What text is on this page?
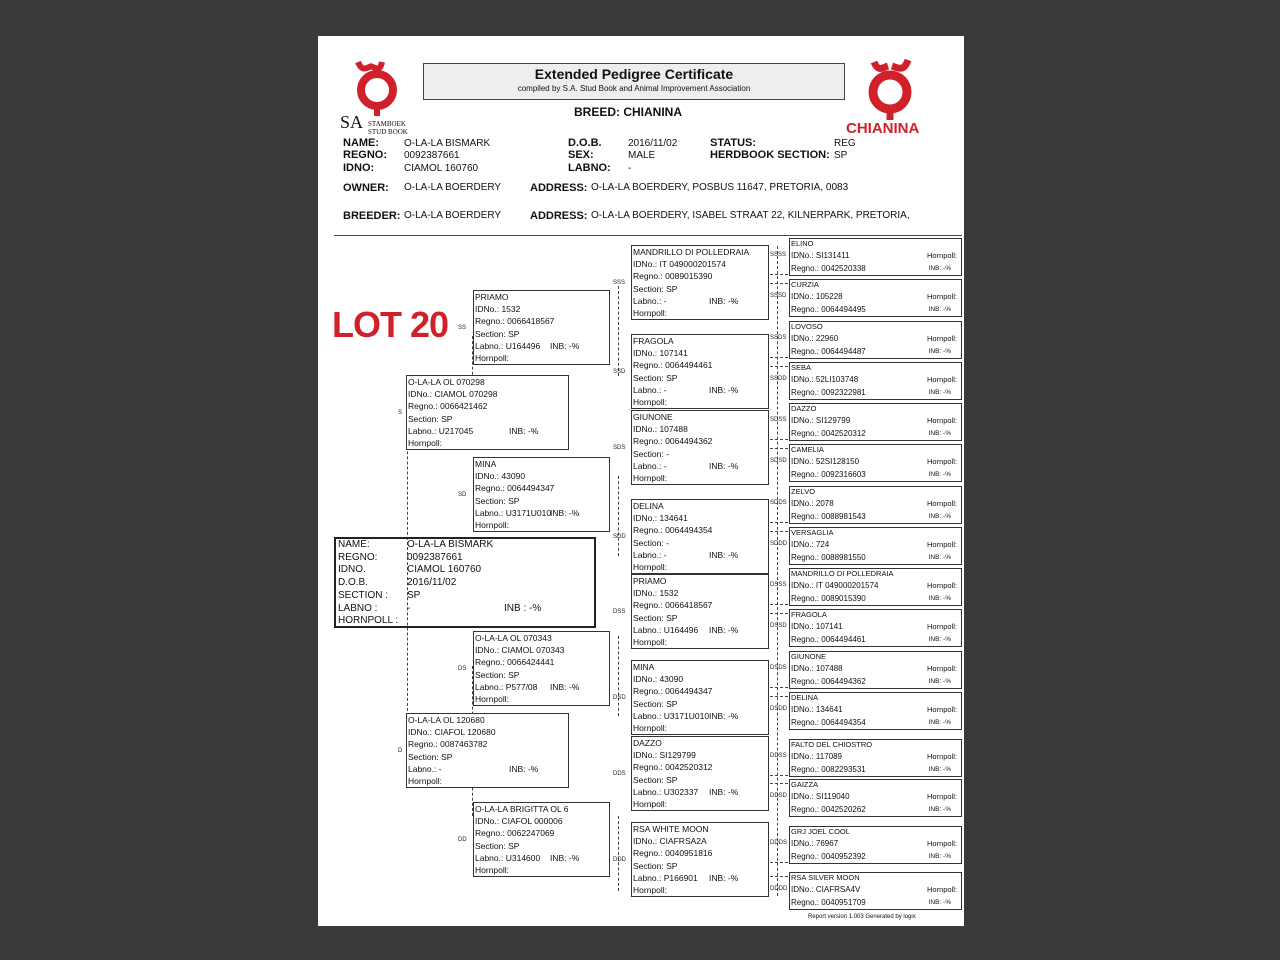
SA STAMBOEK
STUD BOOK	CHIANINA
Extended Pedigree Certificate
compiled by S.A. Stud Book and Animal Improvement Association
BREED: CHIANINA
NAME: O-LA-LA BISMARK
REGNO: 0092387661
IDNO:	CIAMOL 160760
D.O.B.	2016/11/02
SEX:	MALE
LABNO: -
STATUS:	REG
HERDBOOK SECTION: SP
OWNER: O-LA-LA BOERDERY	ADDRESS: O-LA-LA BOERDERY, POSBUS 11647, PRETORIA, 0083
BREEDER: O-LA-LA BOERDERY	ADDRESS: O-LA-LA BOERDERY, ISABEL STRAAT 22, KILNERPARK, PRETORIA,
LOT 20
O-LA-LA OL 070298
IDNo.: CIAMOL 070298
Regno.: 0066421462
Section: SP
Labno.: U217045	INB: -%
Hornpoll:
S
O-LA-LA OL 120680
IDNo.: CIAFOL 120680
Regno.: 0087463782
Section: SP
Labno.: -	INB: -%
Hornpoll:
D
PRIAMO
IDNo.: 1532
Regno.: 0066418567
Section: SP
Labno.: U164496 INB: -%
Hornpoll:
SS
MINA
IDNo.: 43090
Regno.: 0064494347
Section: SP
Labno.: U3171U010
INB: -%
Hornpoll:
SD
O-LA-LA OL 070343
IDNo.: CIAMOL 070343
Regno.: 0066424441
Section: SP
Labno.: P577/08 INB: -%
Hornpoll:
DS
O-LA-LA BRIGITTA OL 6
IDNo.: CIAFOL 000006
Regno.: 0062247069
Section: SP
Labno.: U314600 INB: -%
Hornpoll:
DD
MANDRILLO DI POLLEDRAIA
IDNo.: IT 049000201574
Regno.: 0089015390
Section: SP
Labno.: -	INB: -%
Hornpoll:
SSS
FRAGOLA
IDNo.: 107141
Regno.: 0064494461
Section: SP
Labno.: -	INB: -%
Hornpoll:
SSD
GIUNONE
IDNo.: 107488
Regno.: 0064494362
Section: -
Labno.: -	INB: -%
Hornpoll:
SDS
DELINA
IDNo.: 134641
Regno.: 0064494354
Section: -
Labno.: -	INB: -%
Hornpoll:
SDD
PRIAMO
IDNo.: 1532
Regno.: 0066418567
Section: SP
Labno.: U164496 INB: -%
Hornpoll:
DSS
MINA
IDNo.: 43090
Regno.: 0064494347
Section: SP
Labno.: U3171U010 INB: -%
Hornpoll:
DSD
DAZZO
IDNo.: SI129799
Regno.: 0042520312
Section: SP
Labno.: U302337 INB: -%
Hornpoll:
DDS
RSA WHITE MOON
IDNo.: CIAFRSA2A
Regno.: 0040951816
Section: SP
Labno.: P166901 INB: -%
Hornpoll:
DDD
ELINO
IDNo.: SI131411	Hornpoll:
Regno.: 0042520338	INB: -%
SSSS
CURZIA
IDNo.: 105228	Hornpoll:
Regno.: 0064494495	INB: -%
SSSD
LOVOSO
IDNo.: 22960	Hornpoll:
Regno.: 0064494487	INB: -%
SSDS
SEBA
IDNo.: 52LI103748	Hornpoll:
Regno.: 0092322981	INB: -%
SSDD
DAZZO
IDNo.: SI129799	Hornpoll:
Regno.: 0042520312	INB: -%
SDSS
CAMELIA
IDNo.: 52SI128150	Hornpoll:
Regno.: 0092316603	INB: -%
SDSD
ZELVO
IDNo.: 2078	Hornpoll:
Regno.: 0088981543	INB: -%
SDDS
VERSAGLIA
IDNo.: 724	Hornpoll:
Regno.: 0088981550	INB: -%
SDDD
MANDRILLO DI POLLEDRAIA
IDNo.: IT 049000201574	Hornpoll:
Regno.: 0089015390	INB: -%
DSSS
FRAGOLA
IDNo.: 107141	Hornpoll:
Regno.: 0064494461	INB: -%
DSSD
GIUNONE
IDNo.: 107488	Hornpoll:
Regno.: 0064494362	INB: -%
DSDS
DELINA
IDNo.: 134641	Hornpoll:
Regno.: 0064494354	INB: -%
DSDD
FALTO DEL CHIOSTRO
IDNo.: 117089	Hornpoll:
Regno.: 0082293531	INB: -%
DDSS
GAIZZA
IDNo.: SI119040	Hornpoll:
Regno.: 0042520262	INB: -%
DDSD
GRJ JOEL COOL
IDNo.: 76967	Hornpoll:
Regno.: 0040952392	INB: -%
DDDS
RSA SILVER MOON
IDNo.: CIAFRSA4V	Hornpoll:
Regno.: 0040951709	INB: -%
DDDD
NAME:	O-LA-LA BISMARK
REGNO:	0092387661
IDNO.	CIAMOL 160760
D.O.B.	2016/11/02
SECTION : SP
LABNO :	-	INB : -%
HORNPOLL :
Report version 1.003 Generated by logix
